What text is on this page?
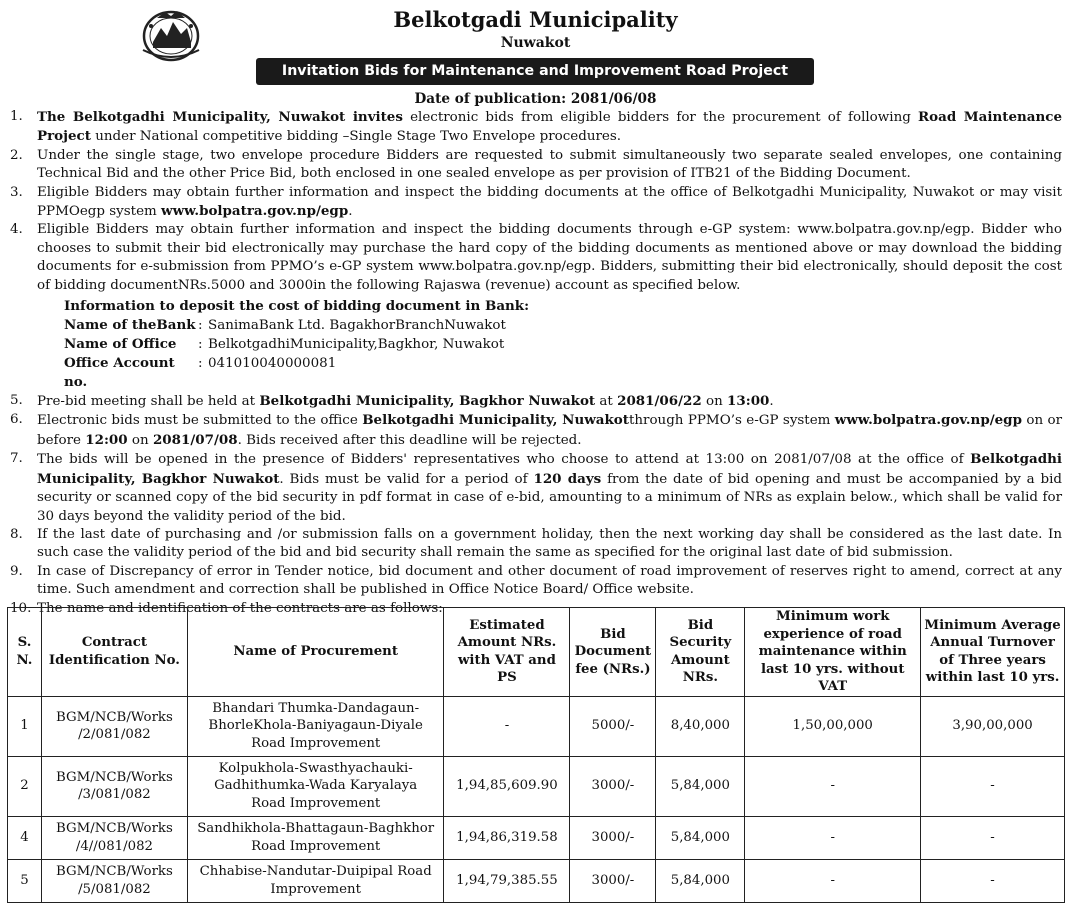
Belkotgadi Municipality
Nuwakot
Invitation Bids for Maintenance and Improvement Road Project
Date of publication: 2081/06/08
1.	The Belkotgadhi Municipality, Nuwakot invites electronic bids from eligible bidders for the procurement of following Road Maintenance Project under National competitive bidding –Single Stage Two Envelope procedures.
2.	Under the single stage, two envelope procedure Bidders are requested to submit simultaneously two separate sealed envelopes, one containing Technical Bid and the other Price Bid, both enclosed in one sealed envelope as per provision of ITB21 of the Bidding Document.
3.	Eligible Bidders may obtain further information and inspect the bidding documents at the office of Belkotgadhi Municipality, Nuwakot or may visit PPMOegp system www.bolpatra.gov.np/egp.
4.	Eligible Bidders may obtain further information and inspect the bidding documents through e-GP system: www.bolpatra.gov.np/egp. Bidder who chooses to submit their bid electronically may purchase the hard copy of the bidding documents as mentioned above or may download the bidding documents for e-submission from PPMO’s e-GP system www.bolpatra.gov.np/egp. Bidders, submitting their bid electronically, should deposit the cost of bidding documentNRs.5000 and 3000in the following Rajaswa (revenue) account as specified below.
Information to deposit the cost of bidding document in Bank:
Name of theBank : SanimaBank Ltd. BagakhorBranchNuwakot
Name of Office	: BelkotgadhiMunicipality,Bagkhor, Nuwakot
Office Account no.
: 041010040000081
5.	Pre-bid meeting shall be held at Belkotgadhi Municipality, Bagkhor Nuwakot at 2081/06/22 on 13:00.
6.	Electronic bids must be submitted to the office Belkotgadhi Municipality, Nuwakotthrough PPMO’s e-GP system www.bolpatra.gov.np/egp on or before 12:00 on 2081/07/08. Bids received after this deadline will be rejected.
7.	The bids will be opened in the presence of Bidders' representatives who choose to attend at 13:00 on 2081/07/08 at the office of Belkotgadhi Municipality, Bagkhor Nuwakot. Bids must be valid for a period of 120 days from the date of bid opening and must be accompanied by a bid security or scanned copy of the bid security in pdf format in case of e-bid, amounting to a minimum of NRs as explain below., which shall be valid for 30 days beyond the validity period of the bid.
8.	If the last date of purchasing and /or submission falls on a government holiday, then the next working day shall be considered as the last date. In such case the validity period of the bid and bid security shall remain the same as specified for the original last date of bid submission.
9.	In case of Discrepancy of error in Tender notice, bid document and other document of road improvement of reserves right to amend, correct at any time. Such amendment and correction shall be published in Office Notice Board/ Office website.
10. The name and identification of the contracts are as follows:
S.
N.	Contract
Identification No.	Name of Procurement	Estimated
Amount NRs.
with VAT and
PS	Bid
Document
fee (NRs.)	Bid
Security
Amount
NRs.	Minimum work
experience of road
maintenance within
last 10 yrs. without VAT	Minimum Average
Annual Turnover
of Three years
within last 10 yrs.
1	BGM/NCB/Works
/2/081/082	Bhandari Thumka-Dandagaun-
BhorleKhola-Baniyagaun-Diyale
Road Improvement	-	5000/-	8,40,000	1,50,00,000	3,90,00,000
2	BGM/NCB/Works
/3/081/082	Kolpukhola-Swasthyachauki-
Gadhithumka-Wada Karyalaya
Road Improvement	1,94,85,609.90	3000/-	5,84,000	-	-
4	BGM/NCB/Works
/4//081/082	Sandhikhola-Bhattagaun-Baghkhor
Road Improvement	1,94,86,319.58	3000/-	5,84,000	-	-
5	BGM/NCB/Works
/5/081/082	Chhabise-Nandutar-Duipipal Road
Improvement	1,94,79,385.55	3000/-	5,84,000	-	-
